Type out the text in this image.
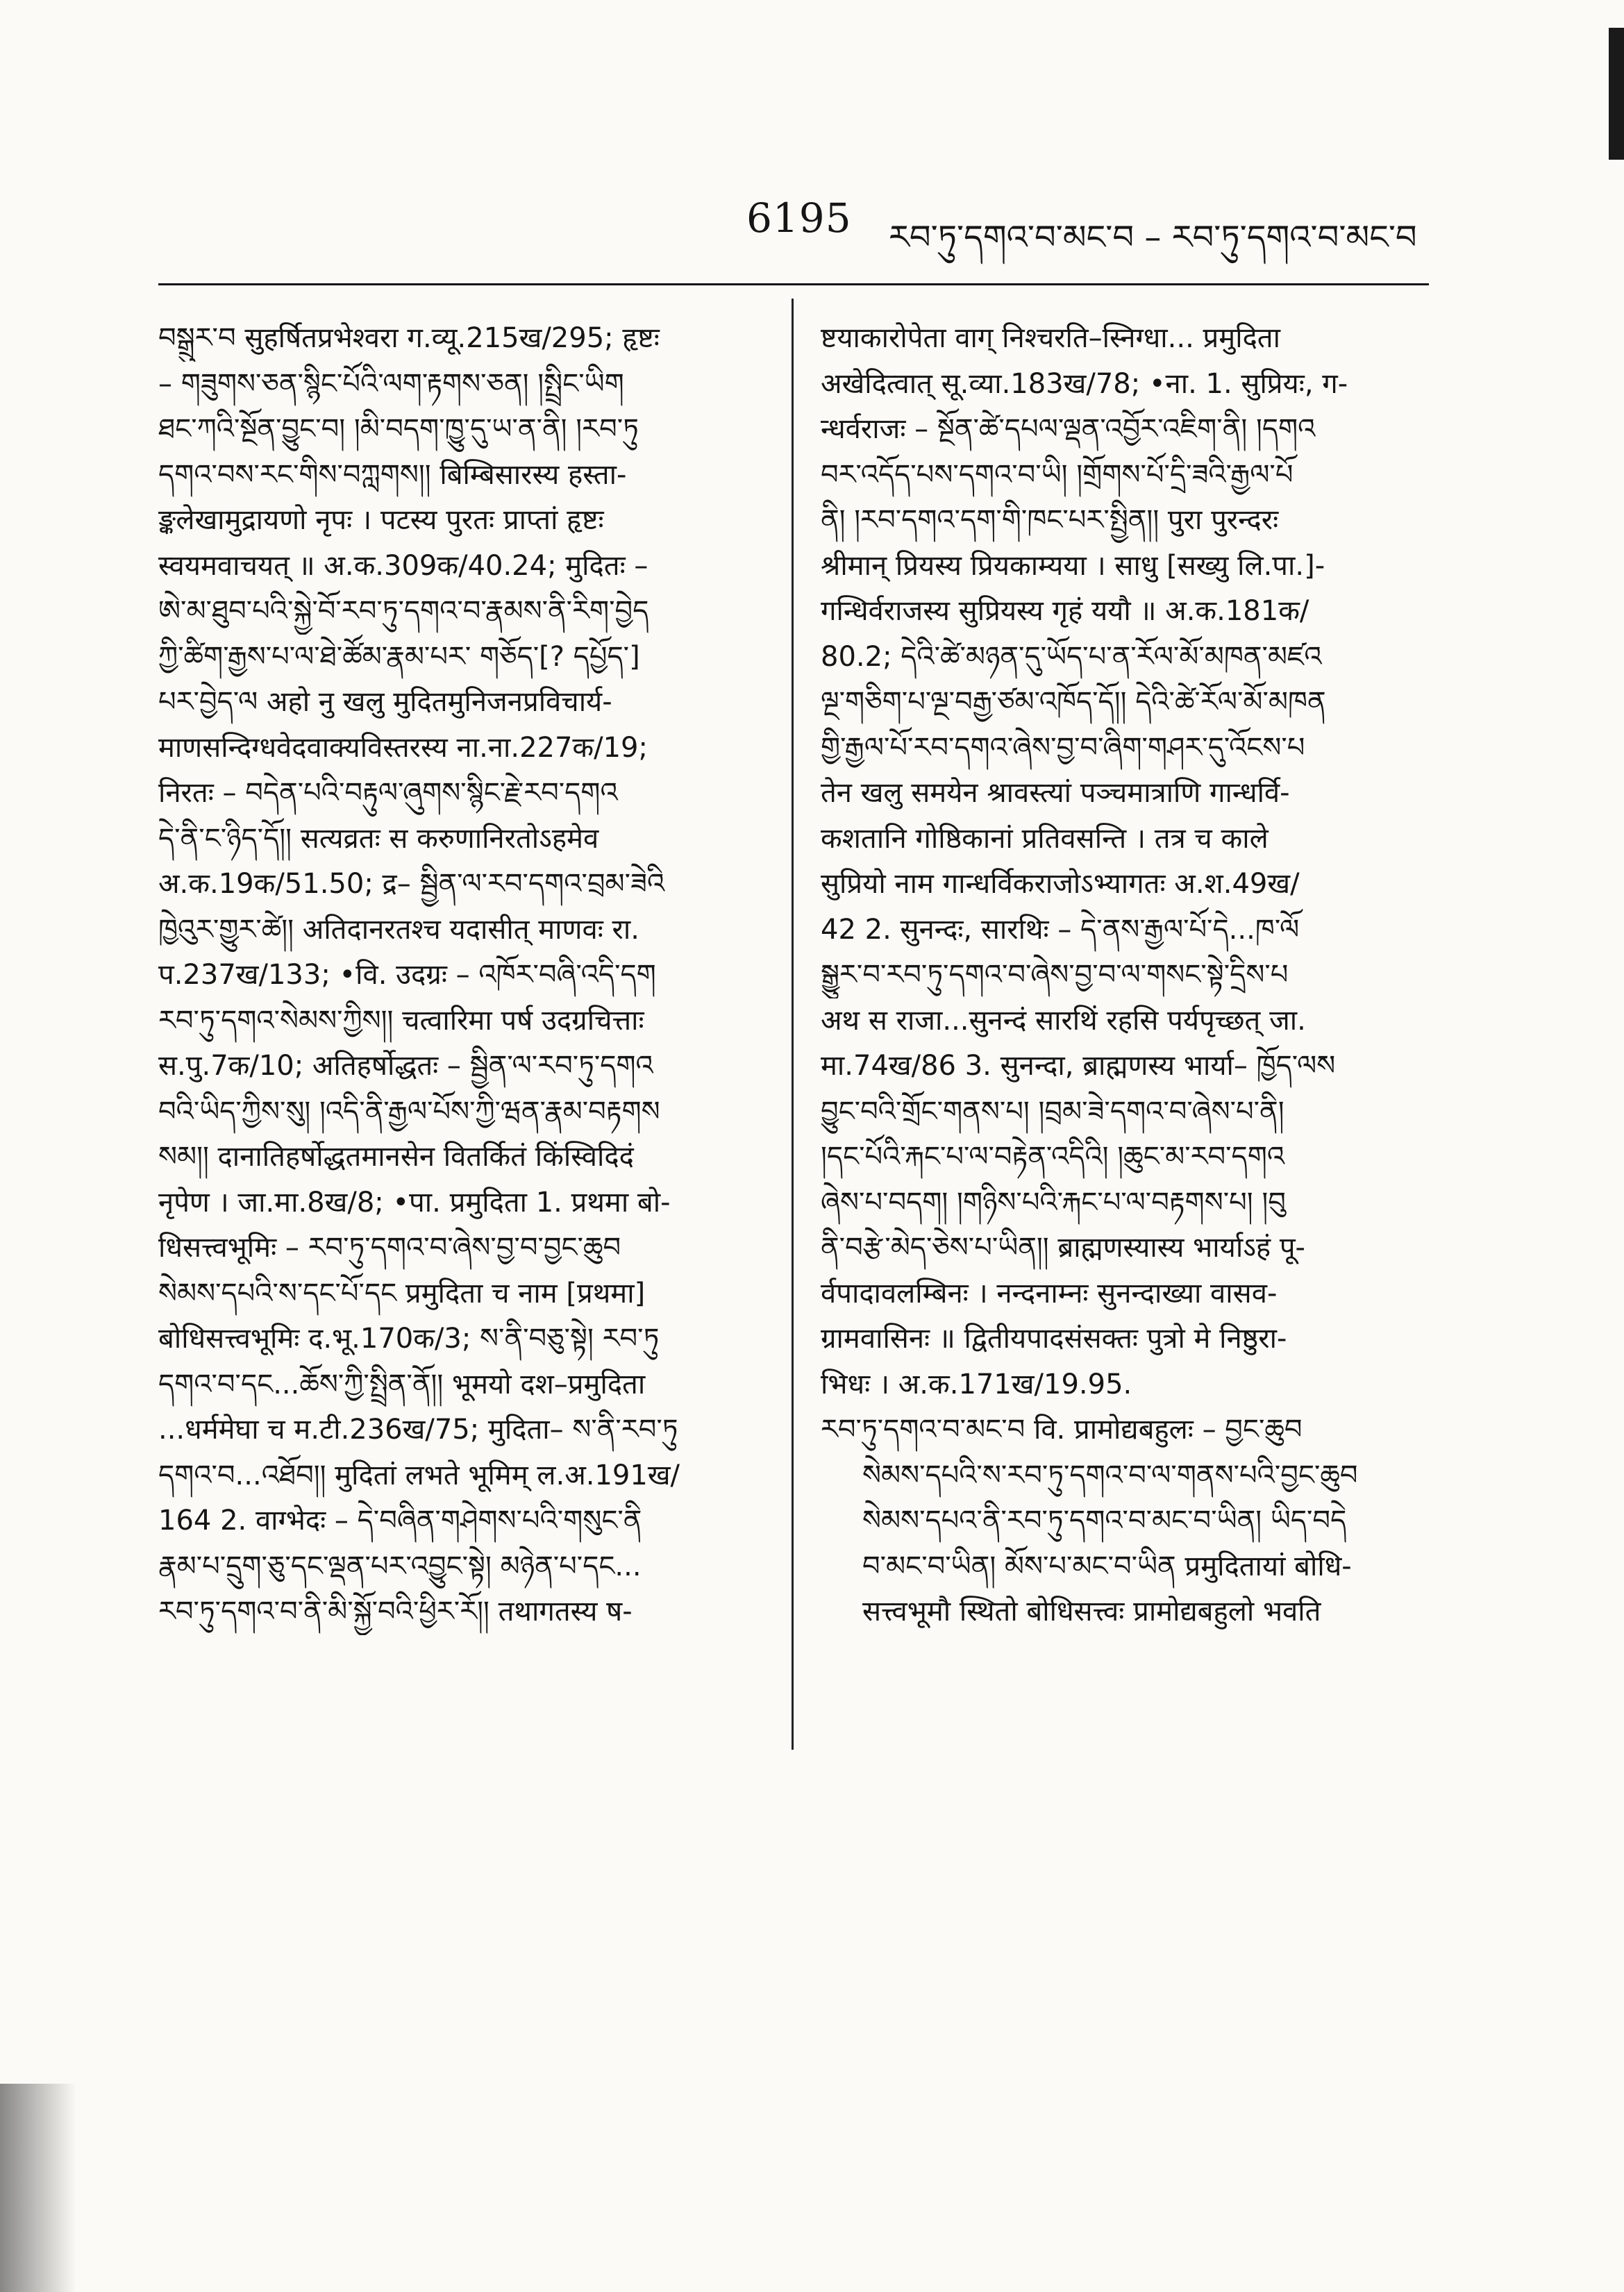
6195 རབ་ཏུ་དགའ་བ་མང་བ – རབ་ཏུ་དགའ་བ་མང་བ
བསྒྲུར་བ सुहर्षितप्रभेश्वरा ग.व्यू.215ख/295; हृष्टः
– གཟུགས་ཅན་སྙིང་པོའི་ལག་རྟགས་ཅན། །སྤྲིང་ཡིག
ཐང་ཀའི་སྔོན་བྱུང་བ། །མི་བདག་ཁྱུ་དུ་ཡ་ན་ནི། །རབ་ཏུ
དགའ་བས་རང་གིས་བཀླགས།། बिम्बिसारस्य हस्ता-
ङ्कलेखामुद्रायणो नृपः । पटस्य पुरतः प्राप्तां हृष्टः
स्वयमवाचयत् ॥ अ.क.309क/40.24; मुदितः –
ཨེ་མ་ཐུབ་པའི་སྐྱེ་བོ་རབ་ཏུ་དགའ་བ་རྣམས་ནི་རིག་བྱེད
ཀྱི་ཚིག་རྒྱས་པ་ལ་ཐེ་ཚོམ་རྣམ་པར་ གཅོད་[? དཔྱོད་]
པར་བྱེད་ལ अहो नु खलु मुदितमुनिजनप्रविचार्य-
माणसन्दिग्धवेदवाक्यविस्तरस्य ना.ना.227क/19;
निरतः – བདེན་པའི་བརྟུལ་ཞུགས་སྙིང་རྗེ་རབ་དགའ
དེ་ནི་ང་ཉིད་དོ།། सत्यव्रतः स करुणानिरतोऽहमेव
अ.क.19क/51.50; द्र– སྦྱིན་ལ་རབ་དགའ་བྲམ་ཟེའི
ཁྱེའུར་གྱུར་ཚེ།། अतिदानरतश्च यदासीत् माणवः रा.
प.237ख/133; •वि. उदग्रः – འཁོར་བཞི་འདི་དག
རབ་ཏུ་དགའ་སེམས་ཀྱིས།། चत्वारिमा पर्ष उदग्रचित्ताः
स.पु.7क/10; अतिहर्षोद्धतः – སྦྱིན་ལ་རབ་ཏུ་དགའ
བའི་ཡིད་ཀྱིས་སུ། །འདི་ནི་རྒྱལ་པོས་ཀྱི་ཝན་རྣམ་བརྟགས
སམ།། दानातिहर्षोद्धतमानसेन वितर्कितं किंस्विदिदं
नृपेण । जा.मा.8ख/8; •पा. प्रमुदिता 1. प्रथमा बो-
धिसत्त्वभूमिः – རབ་ཏུ་དགའ་བ་ཞེས་བྱ་བ་བྱང་ཆུབ
སེམས་དཔའི་ས་དང་པོ་དང प्रमुदिता च नाम [प्रथमा]
बोधिसत्त्वभूमिः द.भू.170क/3; ས་ནི་བཅུ་སྟེ། རབ་ཏུ
དགའ་བ་དང...ཆོས་ཀྱི་སྤྲིན་ནོ།། भूमयो दश–प्रमुदिता
...धर्ममेघा च म.टी.236ख/75; मुदिता– ས་ནི་རབ་ཏུ
དགའ་བ...འཐོབ།། मुदितां लभते भूमिम् ल.अ.191ख/
164 2. वाग्भेदः – དེ་བཞིན་གཤེགས་པའི་གསུང་ནི
རྣམ་པ་དྲུག་ཅུ་དང་ལྡན་པར་འབྱུང་སྟེ། མཉེན་པ་དང...
རབ་ཏུ་དགའ་བ་ནི་མི་སྐྱོ་བའི་ཕྱིར་རོ།། तथागतस्य ष-
ष्टयाकारोपेता वाग् निश्चरति–स्निग्धा... प्रमुदिता
अखेदित्वात् सू.व्या.183ख/78; •ना. 1. सुप्रियः, ग-
न्धर्वराजः – སྔོན་ཚེ་དཔལ་ལྡན་འབྱོར་འཇིག་ནི། །དགའ
བར་འདོད་པས་དགའ་བ་ཡི། །གྲོགས་པོ་དྲི་ཟའི་རྒྱལ་པོ
ནི། །རབ་དགའ་དག་གི་ཁང་པར་སྤྱིན།། पुरा पुरन्दरः
श्रीमान् प्रियस्य प्रियकाम्यया । साधु [सख्यु लि.पा.]-
गन्धिर्वराजस्य सुप्रियस्य गृहं ययौ ॥ अ.क.181क/
80.2; དེའི་ཚེ་མཉན་དུ་ཡོད་པ་ན་རོལ་མོ་མཁན་མཛའ
ལྔ་གཅིག་པ་ལྔ་བརྒྱ་ཙམ་འཁོད་དོ།། དེའི་ཚེ་རོལ་མོ་མཁན
གྱི་རྒྱལ་པོ་རབ་དགའ་ཞེས་བྱ་བ་ཞིག་གཤར་དུ་འོངས་པ
तेन खलु समयेन श्रावस्त्यां पञ्चमात्राणि गान्धर्वि-
कशतानि गोष्ठिकानां प्रतिवसन्ति । तत्र च काले
सुप्रियो नाम गान्धर्विकराजोऽभ्यागतः अ.श.49ख/
42 2. सुनन्दः, सारथिः – དེ་ནས་རྒྱལ་པོ་དེ...ཁ་ལོ
སྒྱུར་བ་རབ་ཏུ་དགའ་བ་ཞེས་བྱ་བ་ལ་གསང་སྟེ་དྲིས་པ
अथ स राजा...सुनन्दं सारथिं रहसि पर्यपृच्छत् जा.
मा.74ख/86 3. सुनन्दा, ब्राह्मणस्य भार्या– ཁྱོད་ལས
བྱུང་བའི་གྲོང་གནས་པ། །བྲམ་ཟེ་དགའ་བ་ཞེས་པ་ནི།
།དང་པོའི་རྐང་པ་ལ་བརྟེན་འདིའི། །ཆུང་མ་རབ་དགའ
ཞེས་པ་བདག། །གཉིས་པའི་རྐང་པ་ལ་བརྟགས་པ། །བུ
ནི་བརྩེ་མེད་ཅེས་པ་ཡིན།། ब्राह्मणस्यास्य भार्याऽहं पू-
र्वपादावलम्बिनः । नन्दनाम्नः सुनन्दाख्या वासव-
ग्रामवासिनः ॥ द्वितीयपादसंसक्तः पुत्रो मे निष्ठुरा-
भिधः । अ.क.171ख/19.95.
རབ་ཏུ་དགའ་བ་མང་བ वि. प्रामोद्यबहुलः – བྱང་ཆུབ
སེམས་དཔའི་ས་རབ་ཏུ་དགའ་བ་ལ་གནས་པའི་བྱང་ཆུབ
སེམས་དཔའ་ནི་རབ་ཏུ་དགའ་བ་མང་བ་ཡིན། ཡིད་བདེ
བ་མང་བ་ཡིན། མོས་པ་མང་བ་ཡིན प्रमुदितायां बोधि-
सत्त्वभूमौ स्थितो बोधिसत्त्वः प्रामोद्यबहुलो भवति
